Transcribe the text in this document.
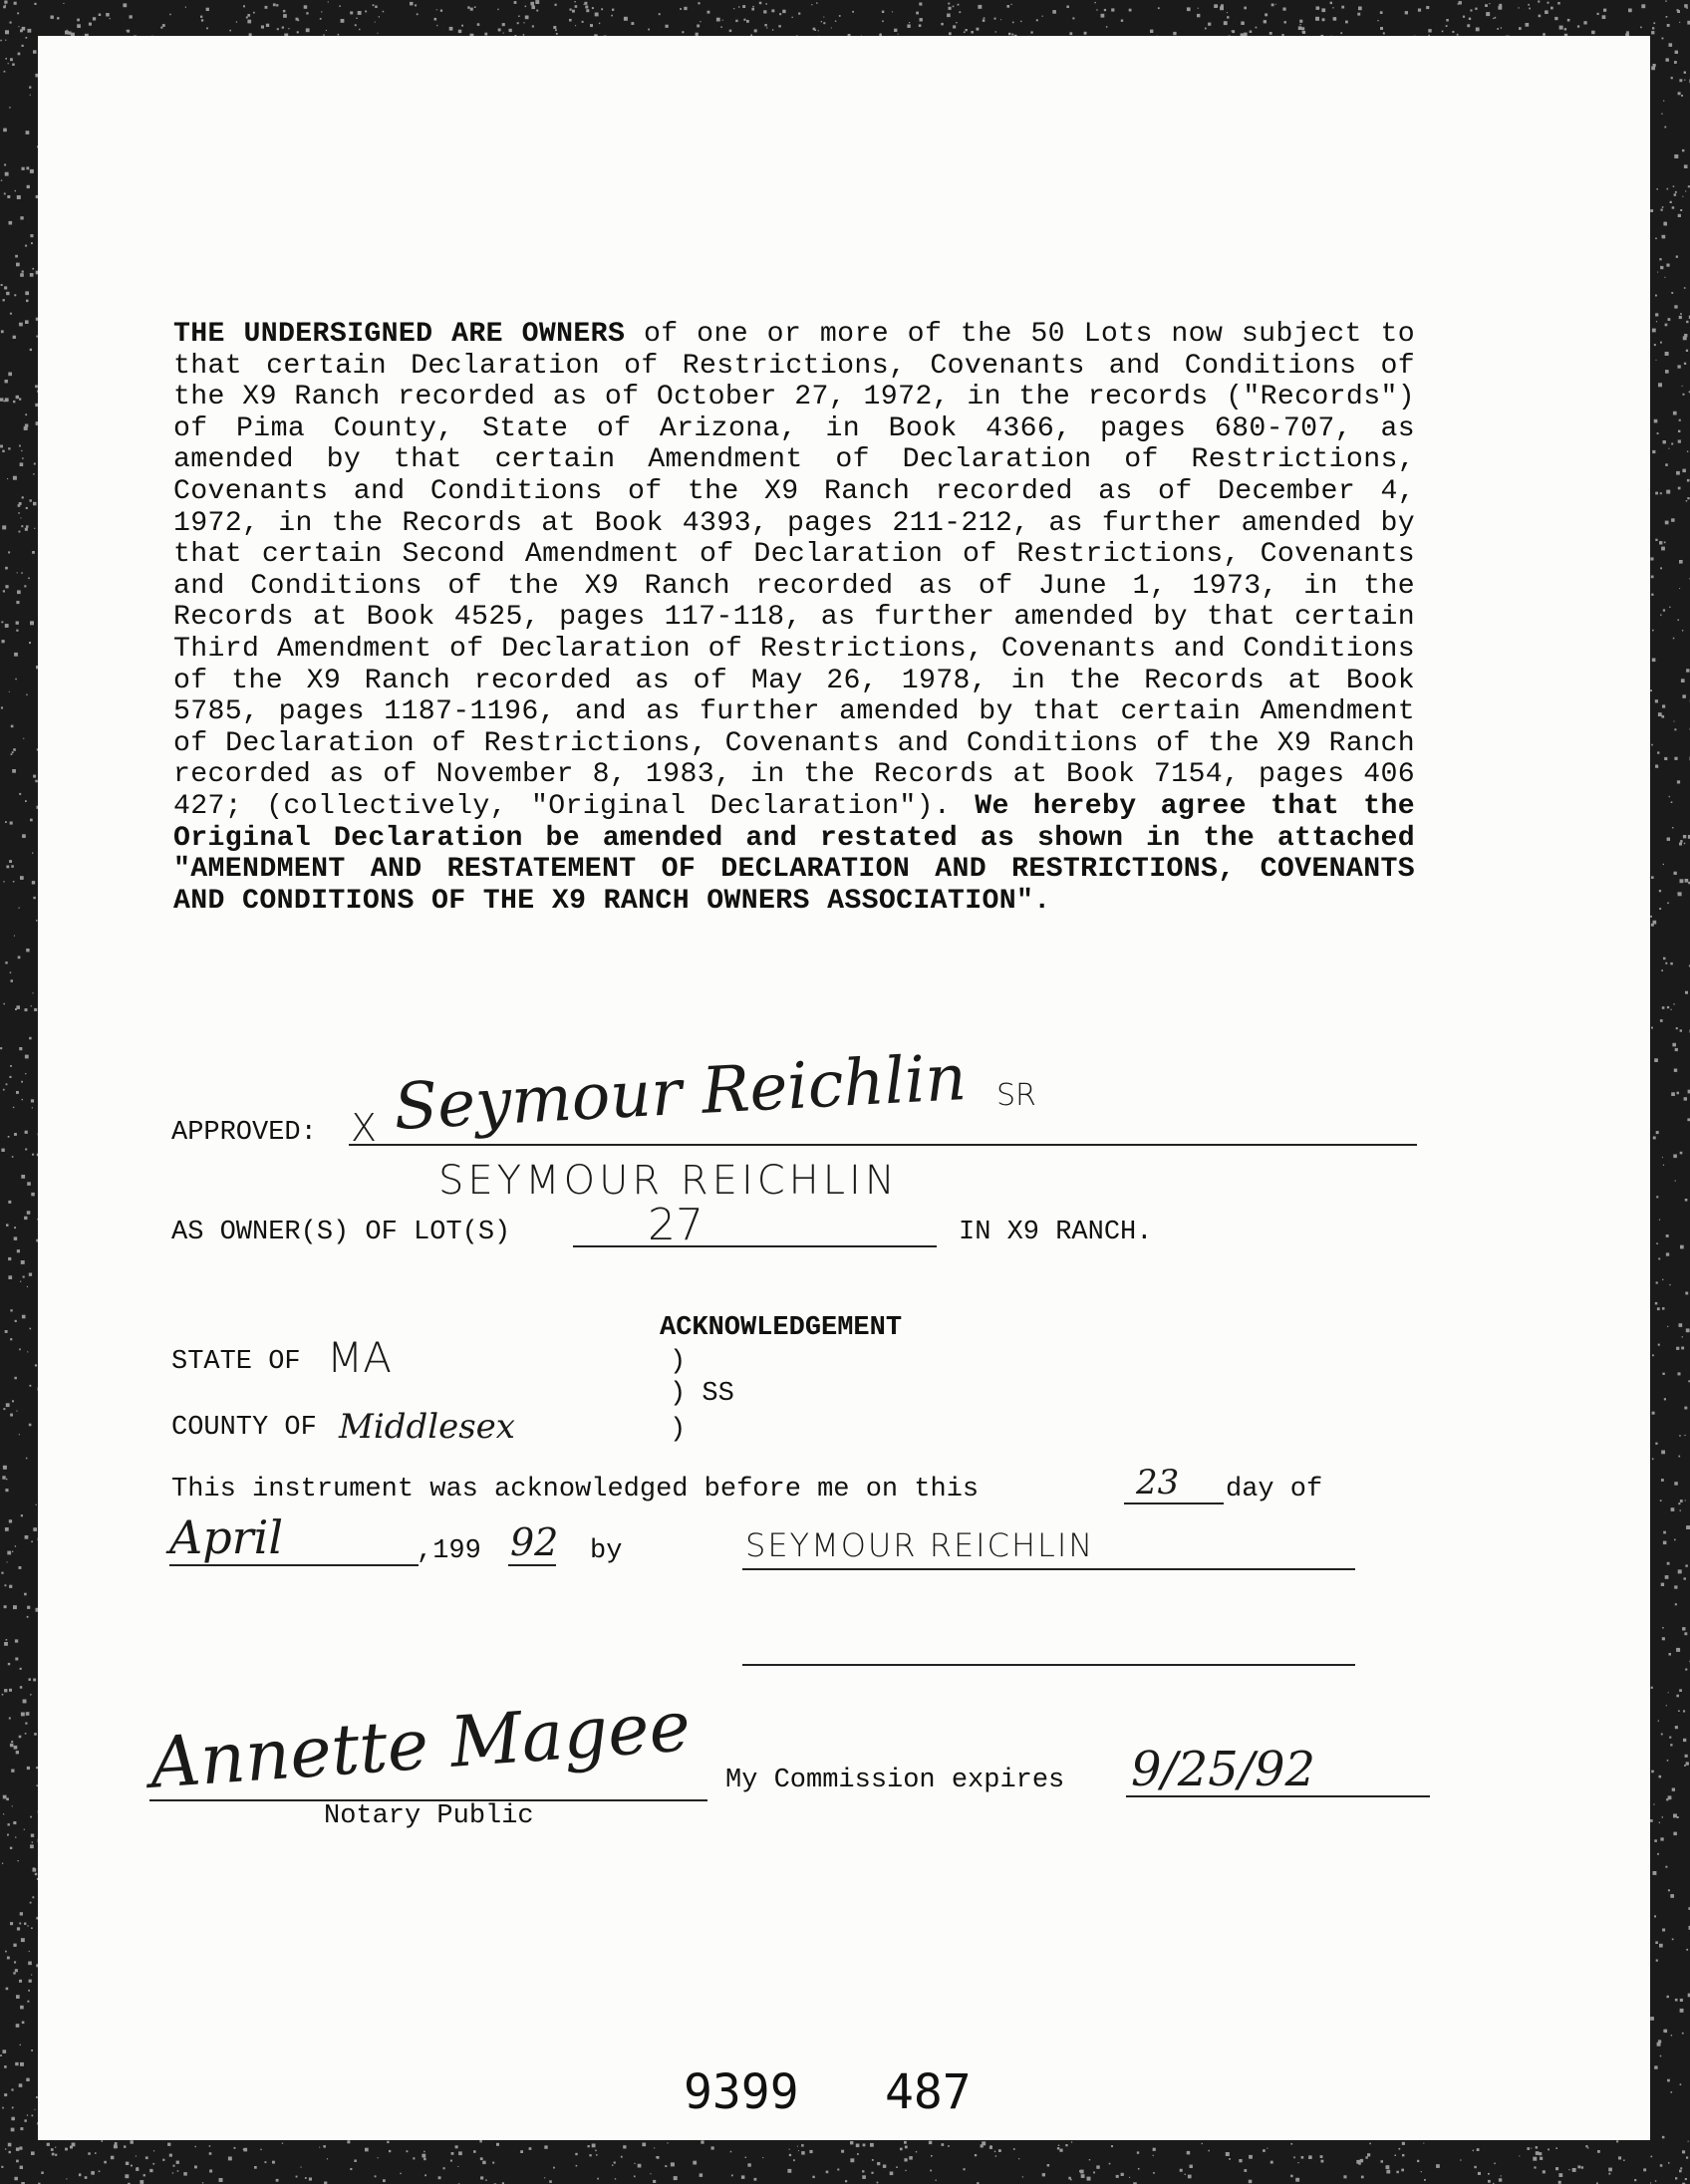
THE UNDERSIGNED ARE OWNERS of one or more of the 50 Lots now subject to that certain Declaration of Restrictions, Covenants and Conditions of the X9 Ranch recorded as of October 27, 1972, in the records ("Records") of Pima County, State of Arizona, in Book 4366, pages 680-707, as amended by that certain Amendment of Declaration of Restrictions, Covenants and Conditions of the X9 Ranch recorded as of December 4, 1972, in the Records at Book 4393, pages 211-212, as further amended by that certain Second Amendment of Declaration of Restrictions, Covenants and Conditions of the X9 Ranch recorded as of June 1, 1973, in the Records at Book 4525, pages 117-118, as further amended by that certain Third Amendment of Declaration of Restrictions, Covenants and Conditions of the X9 Ranch recorded as of May 26, 1978, in the Records at Book 5785, pages 1187-1196, and as further amended by that certain Amendment of Declaration of Restrictions, Covenants and Conditions of the X9 Ranch recorded as of November 8, 1983, in the Records at Book 7154, pages 406 427; (collectively, "Original Declaration"). We hereby agree that the Original Declaration be amended and restated as shown in the attached "AMENDMENT AND RESTATEMENT OF DECLARATION AND RESTRICTIONS, COVENANTS AND CONDITIONS OF THE X9 RANCH OWNERS ASSOCIATION".
APPROVED: X Seymour Reichlin SR
SEYMOUR REICHLIN
AS OWNER(S) OF LOT(S)	27	IN X9 RANCH.
ACKNOWLEDGEMENT
STATE OF MA	)
) SS
COUNTY OF Middlesex	)
This instrument was acknowledged before me on this	23 day of
April	,199 92 by	SEYMOUR REICHLIN
Annette Magee
Notary Public
My Commission expires 9/25/92
9399 487
